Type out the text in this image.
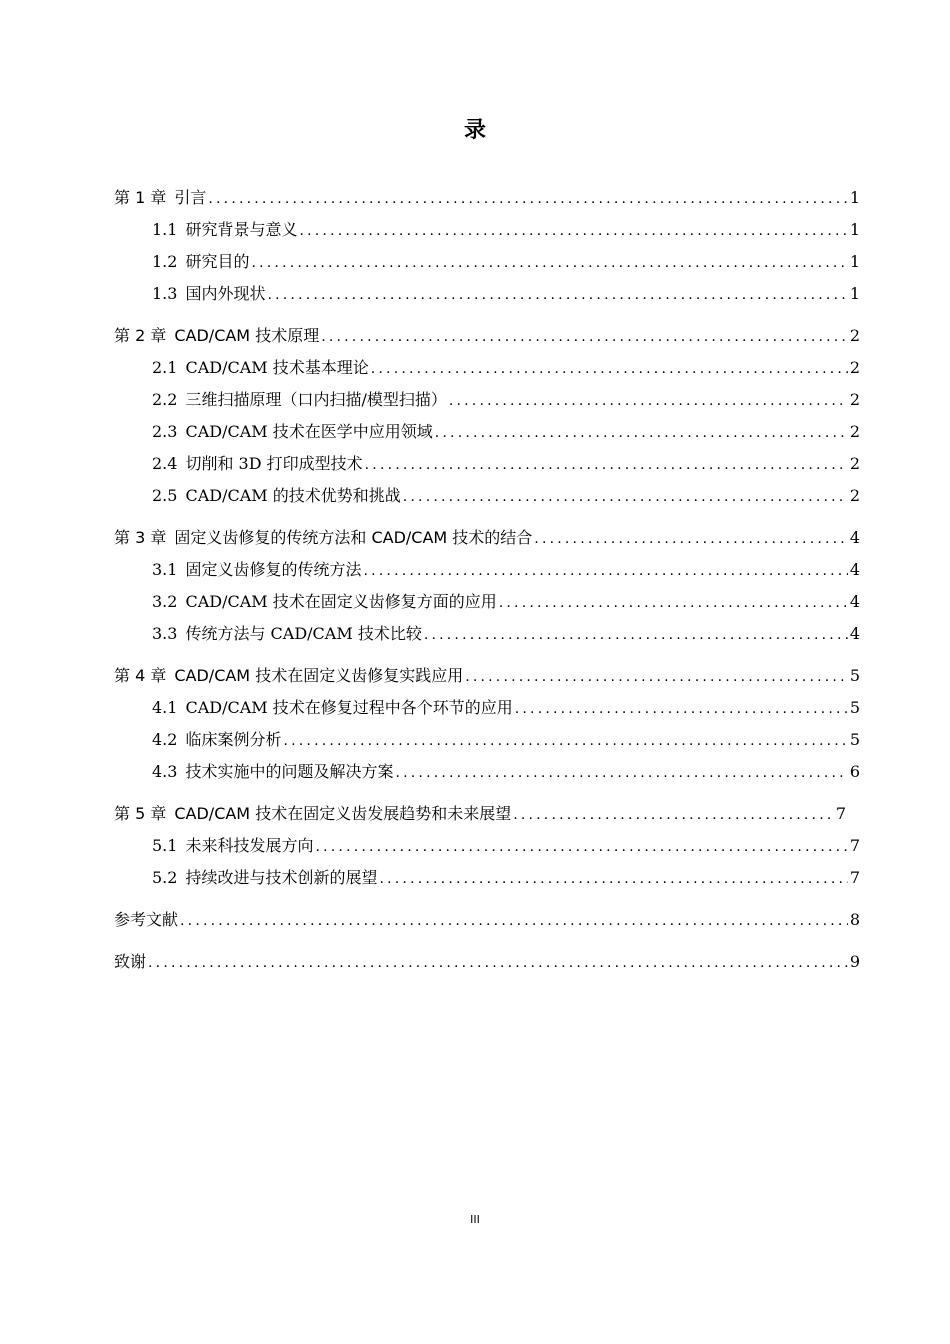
录
第 1 章 引言 .....	1
1.1 研究背景与意义 .....	1
1.2 研究目的 .....	1
1.3 国内外现状 .....	1
第 2 章 CAD/CAM 技术原理 .....	2
2.1 CAD/CAM 技术基本理论 .....	2
2.2 三维扫描原理（口内扫描/模型扫描） .....	2
2.3 CAD/CAM 技术在医学中应用领域 .....	2
2.4 切削和 3D 打印成型技术 .....	2
2.5 CAD/CAM 的技术优势和挑战 .....	2
第 3 章 固定义齿修复的传统方法和 CAD/CAM 技术的结合 .....	4
3.1 固定义齿修复的传统方法 .....	4
3.2 CAD/CAM 技术在固定义齿修复方面的应用 .....	4
3.3 传统方法与 CAD/CAM 技术比较 .....	4
第 4 章 CAD/CAM 技术在固定义齿修复实践应用 .....	5
4.1 CAD/CAM 技术在修复过程中各个环节的应用 .....	5
4.2 临床案例分析 .....	5
4.3 技术实施中的问题及解决方案 .....	6
第 5 章 CAD/CAM 技术在固定义齿发展趋势和未来展望 .....	7
5.1 未来科技发展方向 .....	7
5.2 持续改进与技术创新的展望 .....	7
参考文献 .....	8
致谢 .....	9
III
